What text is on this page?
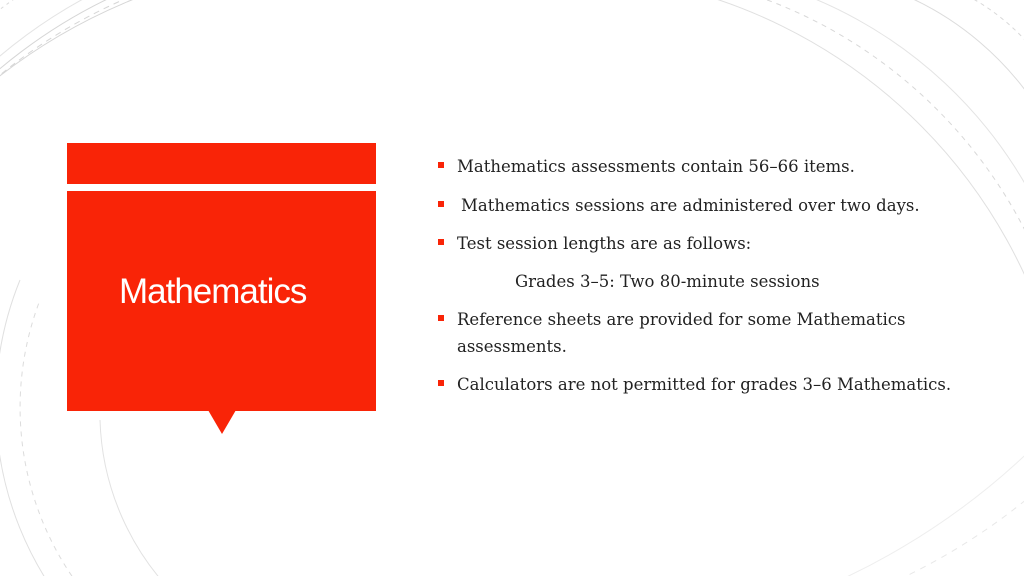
Mathematics
Mathematics assessments contain 56–66 items.
Mathematics sessions are administered over two days.
Test session lengths are as follows:
Reference sheets are provided for some Mathematics assessments.
Calculators are not permitted for grades 3–6 Mathematics.
Grades 3–5: Two 80-minute sessions
